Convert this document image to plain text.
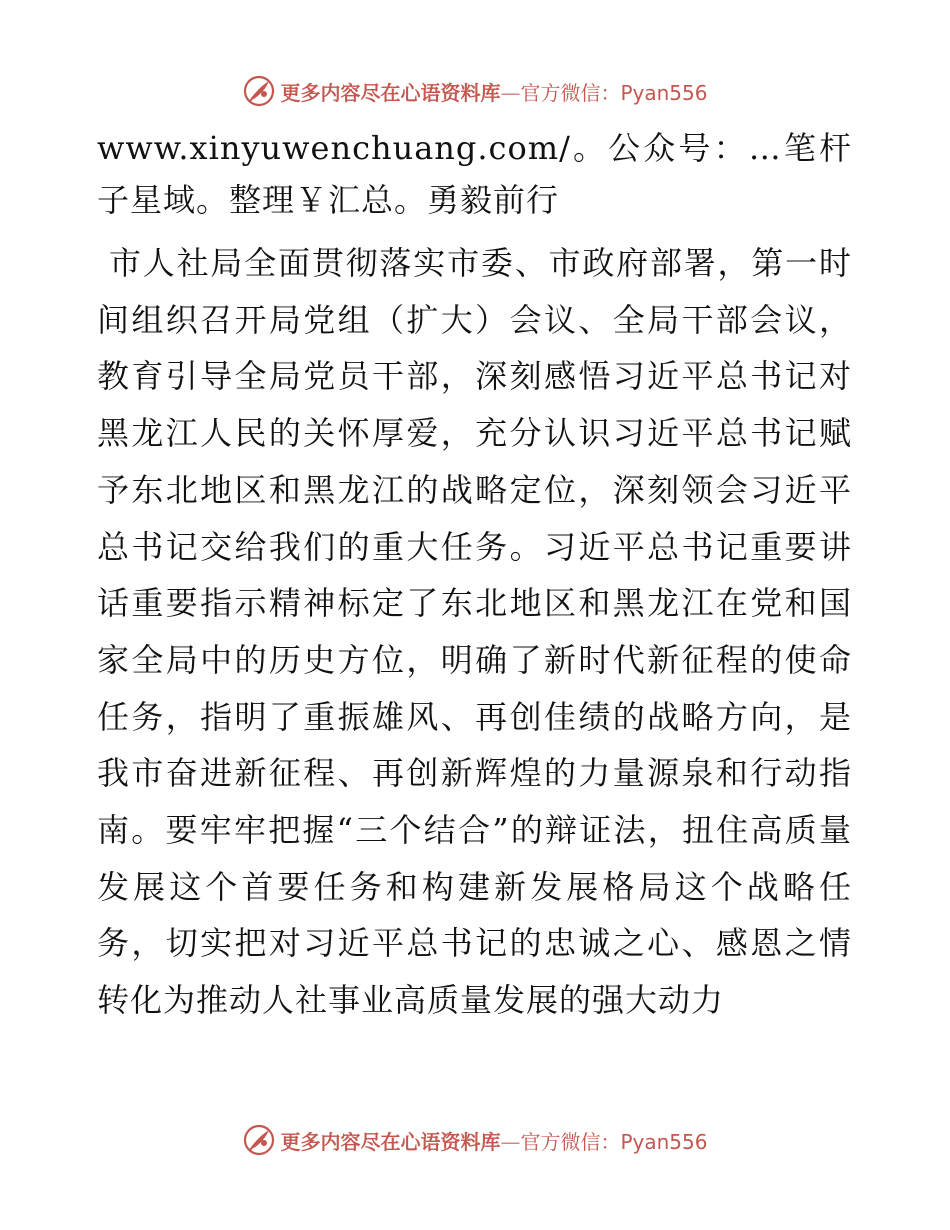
更多内容尽在心语资料库—官方微信：Pyan556

www.xinyuwenchuang.com/。公众号：…笔杆子星域。整理￥汇总。勇毅前行

市人社局全面贯彻落实市委、市政府部署，第一时间组织召开局党组（扩大）会议、全局干部会议，教育引导全局党员干部，深刻感悟习近平总书记对黑龙江人民的关怀厚爱，充分认识习近平总书记赋予东北地区和黑龙江的战略定位，深刻领会习近平总书记交给我们的重大任务。习近平总书记重要讲话重要指示精神标定了东北地区和黑龙江在党和国家全局中的历史方位，明确了新时代新征程的使命任务，指明了重振雄风、再创佳绩的战略方向，是我市奋进新征程、再创新辉煌的力量源泉和行动指南。要牢牢把握“三个结合”的辩证法，扭住高质量发展这个首要任务和构建新发展格局这个战略任务，切实把对习近平总书记的忠诚之心、感恩之情转化为推动人社事业高质量发展的强大动力

更多内容尽在心语资料库—官方微信：Pyan556
